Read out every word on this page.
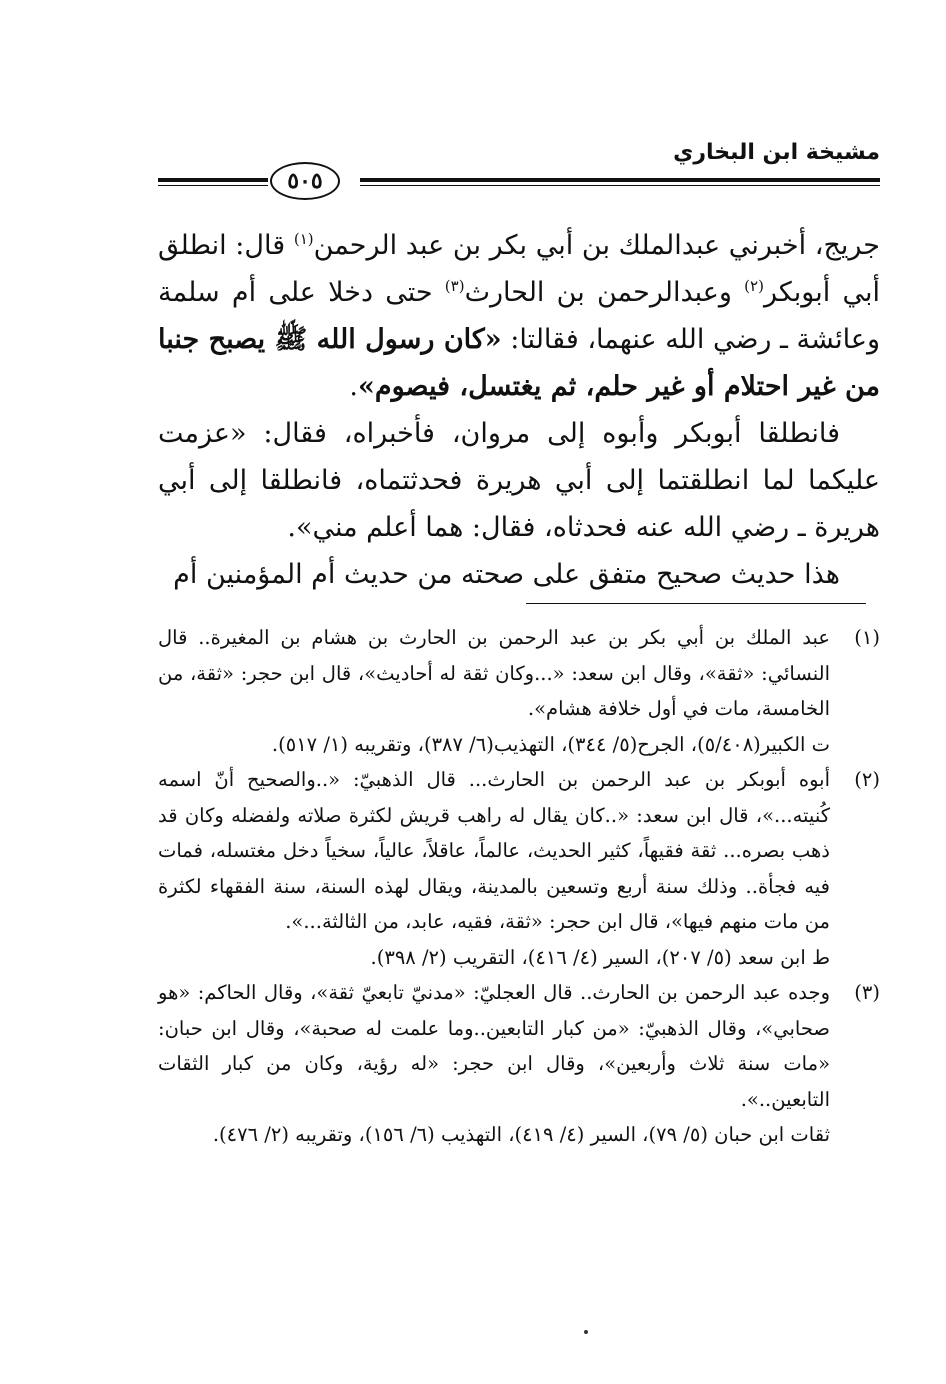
مشيخة ابن البخاري
٥٠٥

جريج، أخبرني عبدالملك بن أبي بكر بن عبد الرحمن$^{(١)}$ قال: انطلق أبي أبوبكر$^{(٢)}$ وعبدالرحمن بن الحارث$^{(٣)}$ حتى دخلا على أم سلمة وعائشة ـ رضي الله عنهما، فقالتا: «كان رسول الله ﷺ يصبح جنبا من غير احتلام أو غير حلم، ثم يغتسل، فيصوم».

فانطلقا أبوبكر وأبوه إلى مروان، فأخبراه، فقال: «عزمت عليكما لما انطلقتما إلى أبي هريرة فحدثتماه، فانطلقا إلى أبي هريرة ـ رضي الله عنه فحدثاه، فقال: هما أعلم مني».

هذا حديث صحيح متفق على صحته من حديث أم المؤمنين أم

(١)

عبد الملك بن أبي بكر بن عبد الرحمن بن الحارث بن هشام بن المغيرة.. قال النسائي: «ثقة»، وقال ابن سعد: «...وكان ثقة له أحاديث»، قال ابن حجر: «ثقة، من الخامسة، مات في أول خلافة هشام».

ت الكبير(٥/٤٠٨)، الجرح(٥/ ٣٤٤)، التهذيب(٦/ ٣٨٧)، وتقريبه (١/ ٥١٧).

(٢)

أبوه أبوبكر بن عبد الرحمن بن الحارث... قال الذهبيّ: «..والصحيح أنّ اسمه كُنيته...»، قال ابن سعد: «..كان يقال له راهب قريش لكثرة صلاته ولفضله وكان قد ذهب بصره... ثقة فقيهاً، كثير الحديث، عالماً، عاقلاً، عالياً، سخياً دخل مغتسله، فمات فيه فجأة.. وذلك سنة أربع وتسعين بالمدينة، ويقال لهذه السنة، سنة الفقهاء لكثرة من مات منهم فيها»، قال ابن حجر: «ثقة، فقيه، عابد، من الثالثة...».

ط ابن سعد (٥/ ٢٠٧)، السير (٤/ ٤١٦)، التقريب (٢/ ٣٩٨).

(٣)

وجده عبد الرحمن بن الحارث.. قال العجليّ: «مدنيّ تابعيّ ثقة»، وقال الحاكم: «هو صحابي»، وقال الذهبيّ: «من كبار التابعين..وما علمت له صحبة»، وقال ابن حبان: «مات سنة ثلاث وأربعين»، وقال ابن حجر: «له رؤية، وكان من كبار الثقات التابعين..».

ثقات ابن حبان (٥/ ٧٩)، السير (٤/ ٤١٩)، التهذيب (٦/ ١٥٦)، وتقريبه (٢/ ٤٧٦).
